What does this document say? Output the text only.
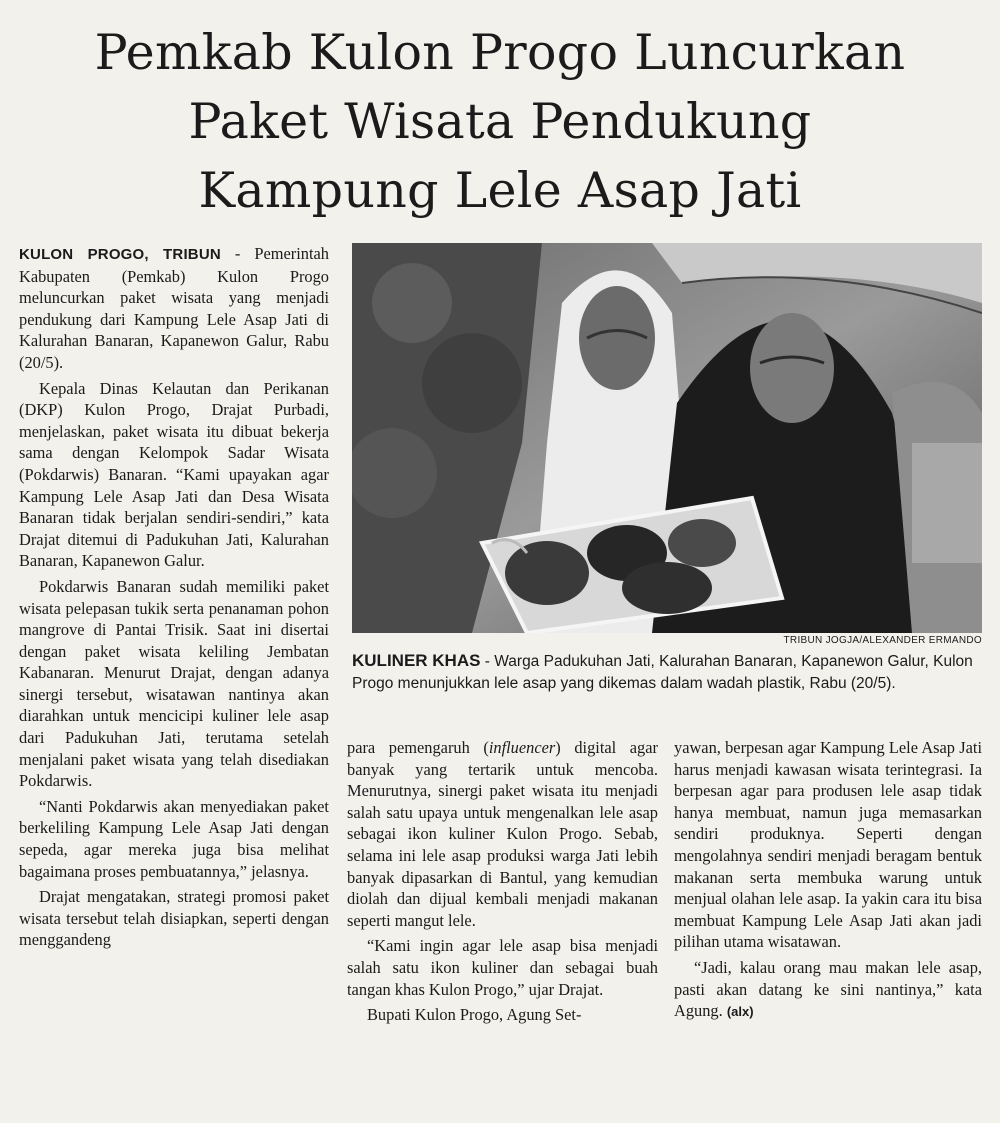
Pemkab Kulon Progo Luncurkan
Paket Wisata Pendukung
Kampung Lele Asap Jati

KULON PROGO, TRIBUN - Pemerintah Kabupaten (Pemkab) Kulon Progo meluncurkan paket wisata yang menjadi pendukung dari Kampung Lele Asap Jati di Kalurahan Banaran, Kapanewon Galur, Rabu (20/5).

Kepala Dinas Kelautan dan Perikanan (DKP) Kulon Progo, Drajat Purbadi, menjelaskan, paket wisata itu dibuat bekerja sama dengan Kelompok Sadar Wisata (Pokdarwis) Banaran. “Kami upayakan agar Kampung Lele Asap Jati dan Desa Wisata Banaran tidak berjalan sendiri-sendiri,” kata Drajat ditemui di Padukuhan Jati, Kalurahan Banaran, Kapanewon Galur.

Pokdarwis Banaran sudah memiliki paket wisata pelepasan tukik serta penanaman pohon mangrove di Pantai Trisik. Saat ini disertai dengan paket wisata keliling Jembatan Kabanaran. Menurut Drajat, dengan adanya sinergi tersebut, wisatawan nantinya akan diarahkan untuk mencicipi kuliner lele asap dari Padukuhan Jati, terutama setelah menjalani paket wisata yang telah disediakan Pokdarwis.

“Nanti Pokdarwis akan menyediakan paket berkeliling Kampung Lele Asap Jati dengan sepeda, agar mereka juga bisa melihat bagaimana proses pembuatannya,” jelasnya.

Drajat mengatakan, strategi promosi paket wisata tersebut telah disiapkan, seperti dengan menggandeng

TRIBUN JOGJA/ALEXANDER ERMANDO
KULINER KHAS - Warga Padukuhan Jati, Kalurahan Banaran, Kapanewon Galur, Kulon Progo menunjukkan lele asap yang dikemas dalam wadah plastik, Rabu (20/5).

para pemengaruh (influencer) digital agar banyak yang tertarik untuk mencoba. Menurutnya, sinergi paket wisata itu menjadi salah satu upaya untuk mengenalkan lele asap sebagai ikon kuliner Kulon Progo. Sebab, selama ini lele asap produksi warga Jati lebih banyak dipasarkan di Bantul, yang kemudian diolah dan dijual kembali menjadi makanan seperti mangut lele.

“Kami ingin agar lele asap bisa menjadi salah satu ikon kuliner dan sebagai buah tangan khas Kulon Progo,” ujar Drajat.

Bupati Kulon Progo, Agung Set-

yawan, berpesan agar Kampung Lele Asap Jati harus menjadi kawasan wisata terintegrasi. Ia berpesan agar para produsen lele asap tidak hanya membuat, namun juga memasarkan sendiri produknya. Seperti dengan mengolahnya sendiri menjadi beragam bentuk makanan serta membuka warung untuk menjual olahan lele asap. Ia yakin cara itu bisa membuat Kampung Lele Asap Jati akan jadi pilihan utama wisatawan.

“Jadi, kalau orang mau makan lele asap, pasti akan datang ke sini nantinya,” kata Agung. (alx)
